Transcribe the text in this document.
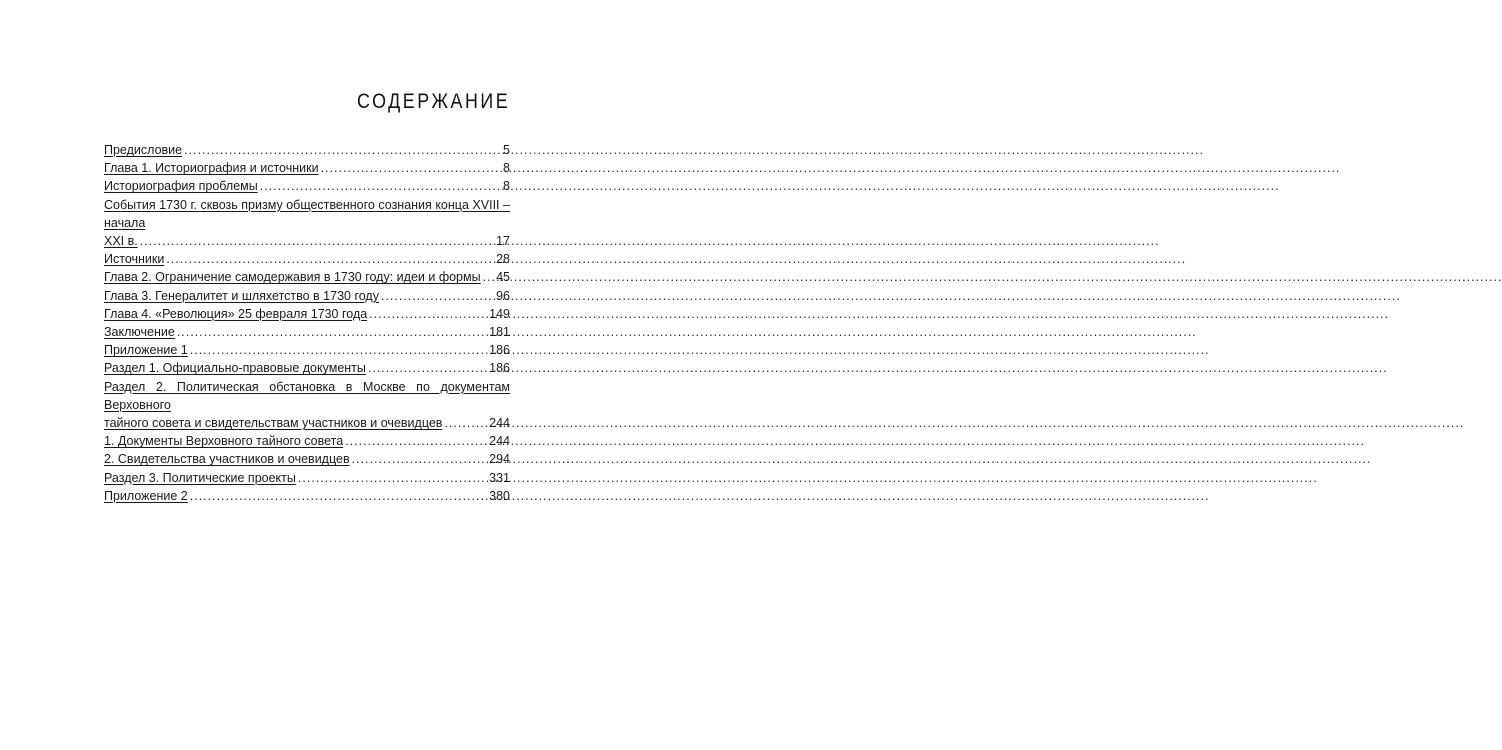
СОДЕРЖАНИЕ
Предисловие .....	5
Глава 1. Историография и источники .....	8
Историография проблемы .....	8
События 1730 г. сквозь призму общественного сознания конца XVIII – начала
XXI в. .....	17
Источники .....	28
Глава 2. Ограничение самодержавия в 1730 году: идеи и формы ..... 45
Глава 3. Генералитет и шляхетство в 1730 году .....	96
Глава 4. «Революция» 25 февраля 1730 года .....	149
Заключение .....	181
Приложение 1 .....	186
Раздел 1. Официально-правовые документы .....	186
Раздел 2. Политическая обстановка в Москве по документам Верховного
тайного совета и свидетельствам участников и очевидцев .....	244
1. Документы Верховного тайного совета .....	244
2. Свидетельства участников и очевидцев .....	294
Раздел 3. Политические проекты .....	331
Приложение 2 .....	380
